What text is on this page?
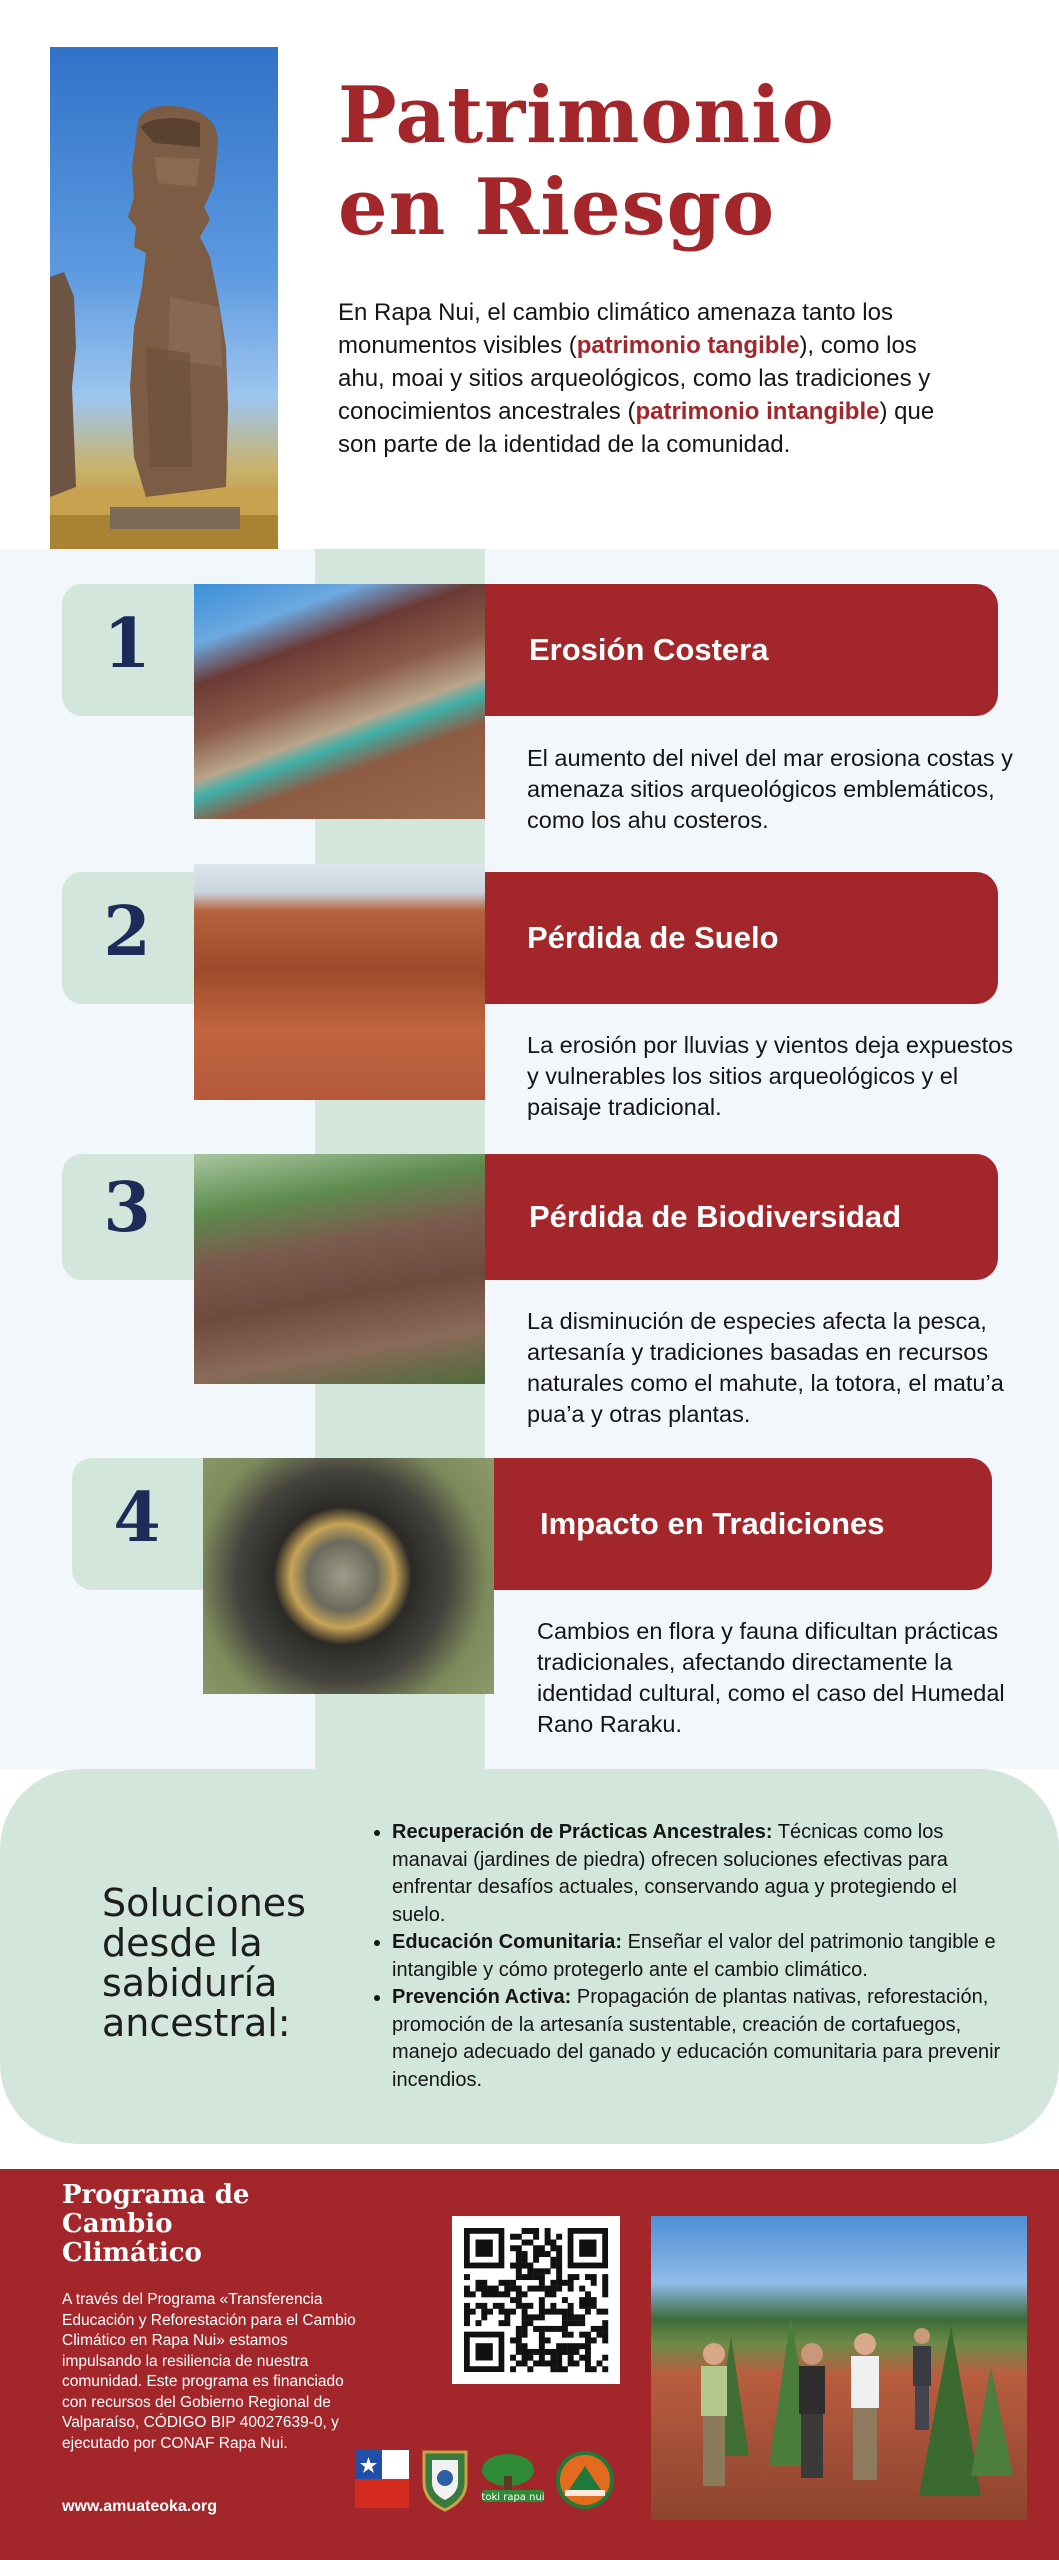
Patrimonio
en Riesgo

En Rapa Nui, el cambio climático amenaza tanto los monumentos visibles (patrimonio tangible), como los ahu, moai y sitios arqueológicos, como las tradiciones y conocimientos ancestrales (patrimonio intangible) que son parte de la identidad de la comunidad.

1	Erosión Costera

El aumento del nivel del mar erosiona costas y amenaza sitios arqueológicos emblemáticos, como los ahu costeros.

2	Pérdida de Suelo

La erosión por lluvias y vientos deja expuestos y vulnerables los sitios arqueológicos y el paisaje tradicional.

3	Pérdida de Biodiversidad

La disminución de especies afecta la pesca, artesanía y tradiciones basadas en recursos naturales como el mahute, la totora, el matu’a pua’a y otras plantas.

4	Impacto en Tradiciones

Cambios en flora y fauna dificultan prácticas tradicionales, afectando directamente la identidad cultural, como el caso del Humedal Rano Raraku.

Soluciones desde la sabiduría ancestral:
• Recuperación de Prácticas Ancestrales: Técnicas como los manavai (jardines de piedra) ofrecen soluciones efectivas para enfrentar desafíos actuales, conservando agua y protegiendo el suelo.
• Educación Comunitaria: Enseñar el valor del patrimonio tangible e intangible y cómo protegerlo ante el cambio climático.
• Prevención Activa: Propagación de plantas nativas, reforestación, promoción de la artesanía sustentable, creación de cortafuegos, manejo adecuado del ganado y educación comunitaria para prevenir incendios.
Programa de
Cambio
Climático

A través del Programa «Transferencia Educación y Reforestación para el Cambio Climático en Rapa Nui» estamos impulsando la resiliencia de nuestra comunidad. Este programa es financiado con recursos del Gobierno Regional de Valparaíso, CÓDIGO BIP 40027639-0, y ejecutado por CONAF Rapa Nui.

www.amuateoka.org
toki rapa nui
